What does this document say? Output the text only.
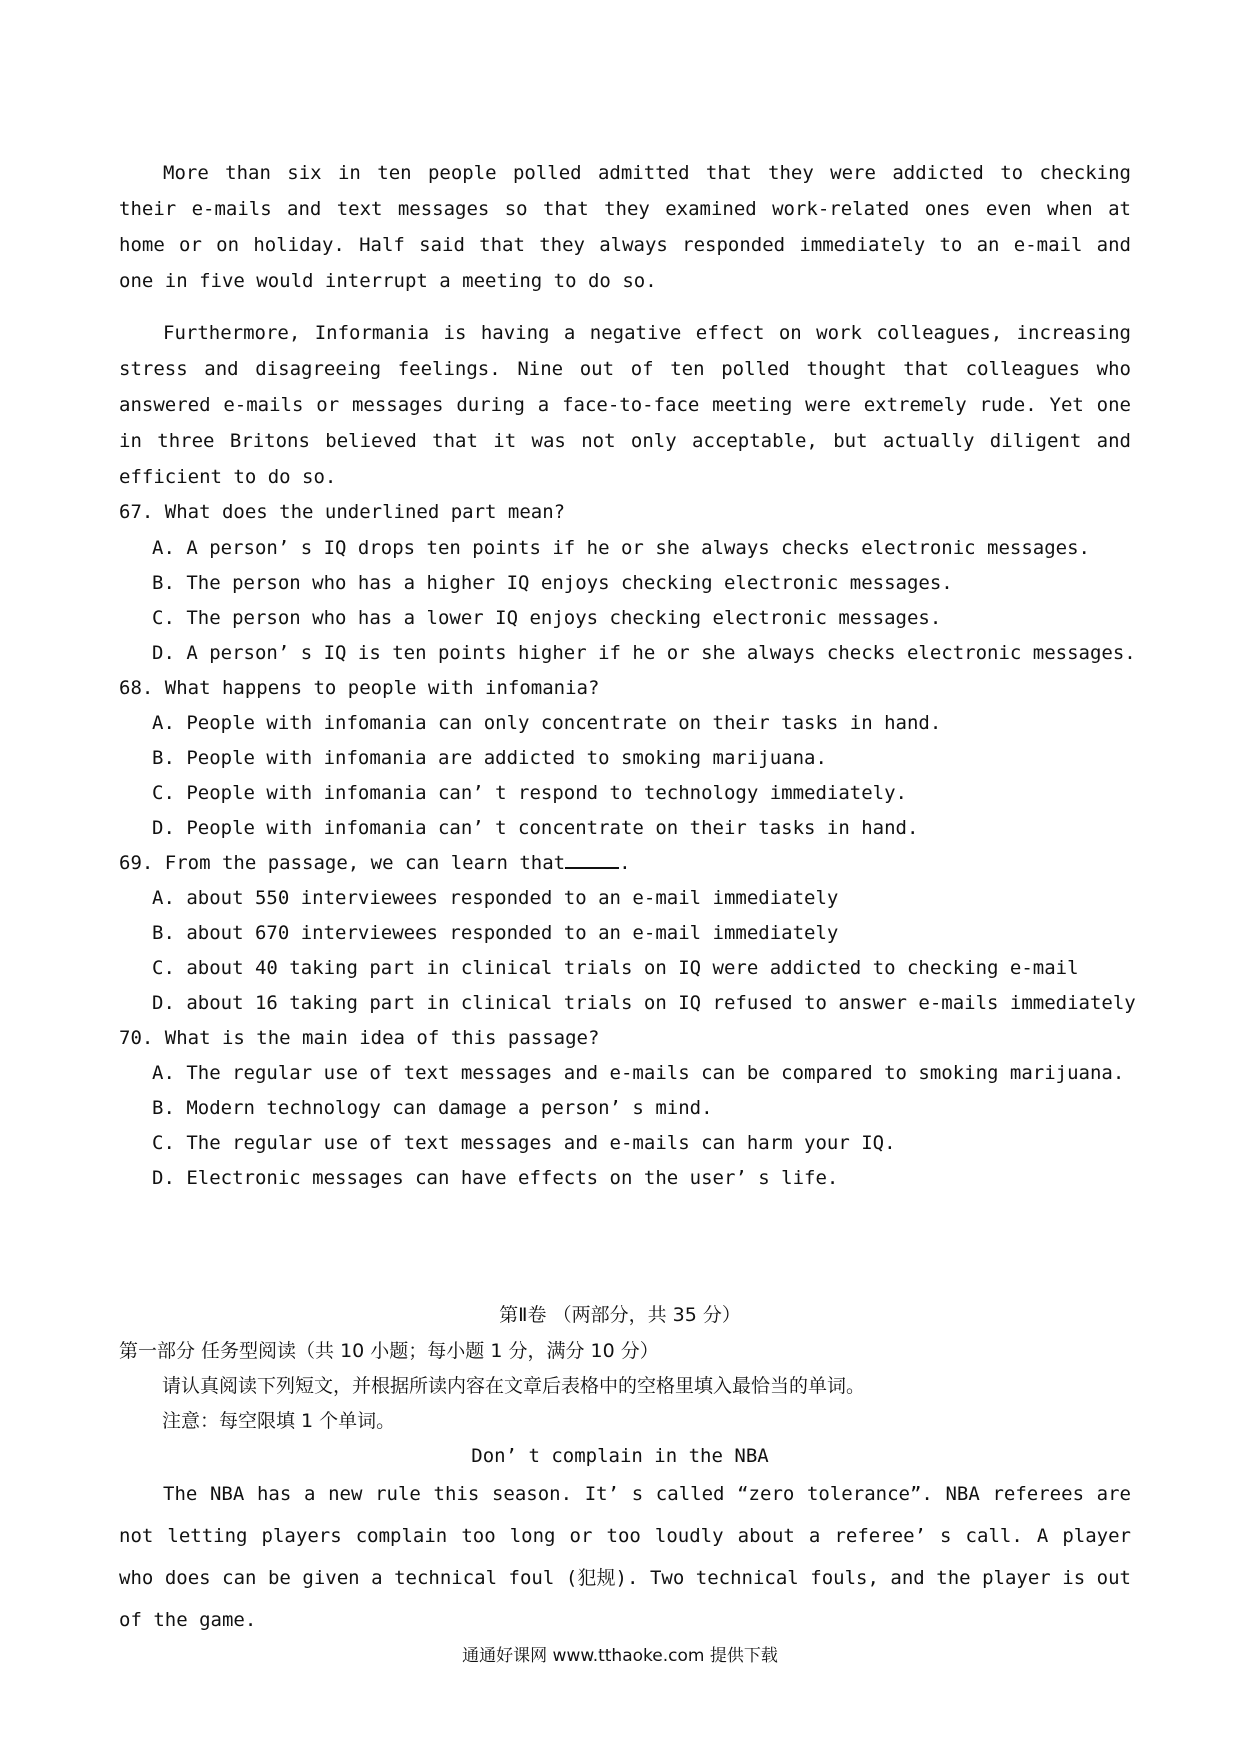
More than six in ten people polled admitted that they were addicted to checking their e-mails and text messages so that they examined work-related ones even when at home or on holiday. Half said that they always responded immediately to an e-mail and one in five would interrupt a meeting to do so.

Furthermore, Informania is having a negative effect on work colleagues, increasing stress and disagreeing feelings. Nine out of ten polled thought that colleagues who answered e-mails or messages during a face-to-face meeting were extremely rude. Yet one in three Britons believed that it was not only acceptable, but actually diligent and efficient to do so.

67. What does the underlined part mean?

A. A person’ s IQ drops ten points if he or she always checks electronic messages.

B. The person who has a higher IQ enjoys checking electronic messages.

C. The person who has a lower IQ enjoys checking electronic messages.

D. A person’ s IQ is ten points higher if he or she always checks electronic messages.

68. What happens to people with infomania?

A. People with infomania can only concentrate on their tasks in hand.

B. People with infomania are addicted to smoking marijuana.

C. People with infomania can’ t respond to technology immediately.

D. People with infomania can’ t concentrate on their tasks in hand.

69. From the passage, we can learn that	.

A. about 550 interviewees responded to an e-mail immediately

B. about 670 interviewees responded to an e-mail immediately

C. about 40 taking part in clinical trials on IQ were addicted to checking e-mail

D. about 16 taking part in clinical trials on IQ refused to answer e-mails immediately

70. What is the main idea of this passage?

A. The regular use of text messages and e-mails can be compared to smoking marijuana.

B. Modern technology can damage a person’ s mind.

C. The regular use of text messages and e-mails can harm your IQ.

D. Electronic messages can have effects on the user’ s life.

第Ⅱ卷 （两部分，共 35 分）

第一部分 任务型阅读（共 10 小题；每小题 1 分，满分 10 分）

请认真阅读下列短文，并根据所读内容在文章后表格中的空格里填入最恰当的单词。

注意：每空限填 1 个单词。

Don’ t complain in the NBA

The NBA has a new rule this season. It’ s called “zero tolerance”. NBA referees are not letting players complain too long or too loudly about a referee’ s call. A player who does can be given a technical foul (犯规). Two technical fouls, and the player is out of the game.

通通好课网 www.tthaoke.com 提供下载
